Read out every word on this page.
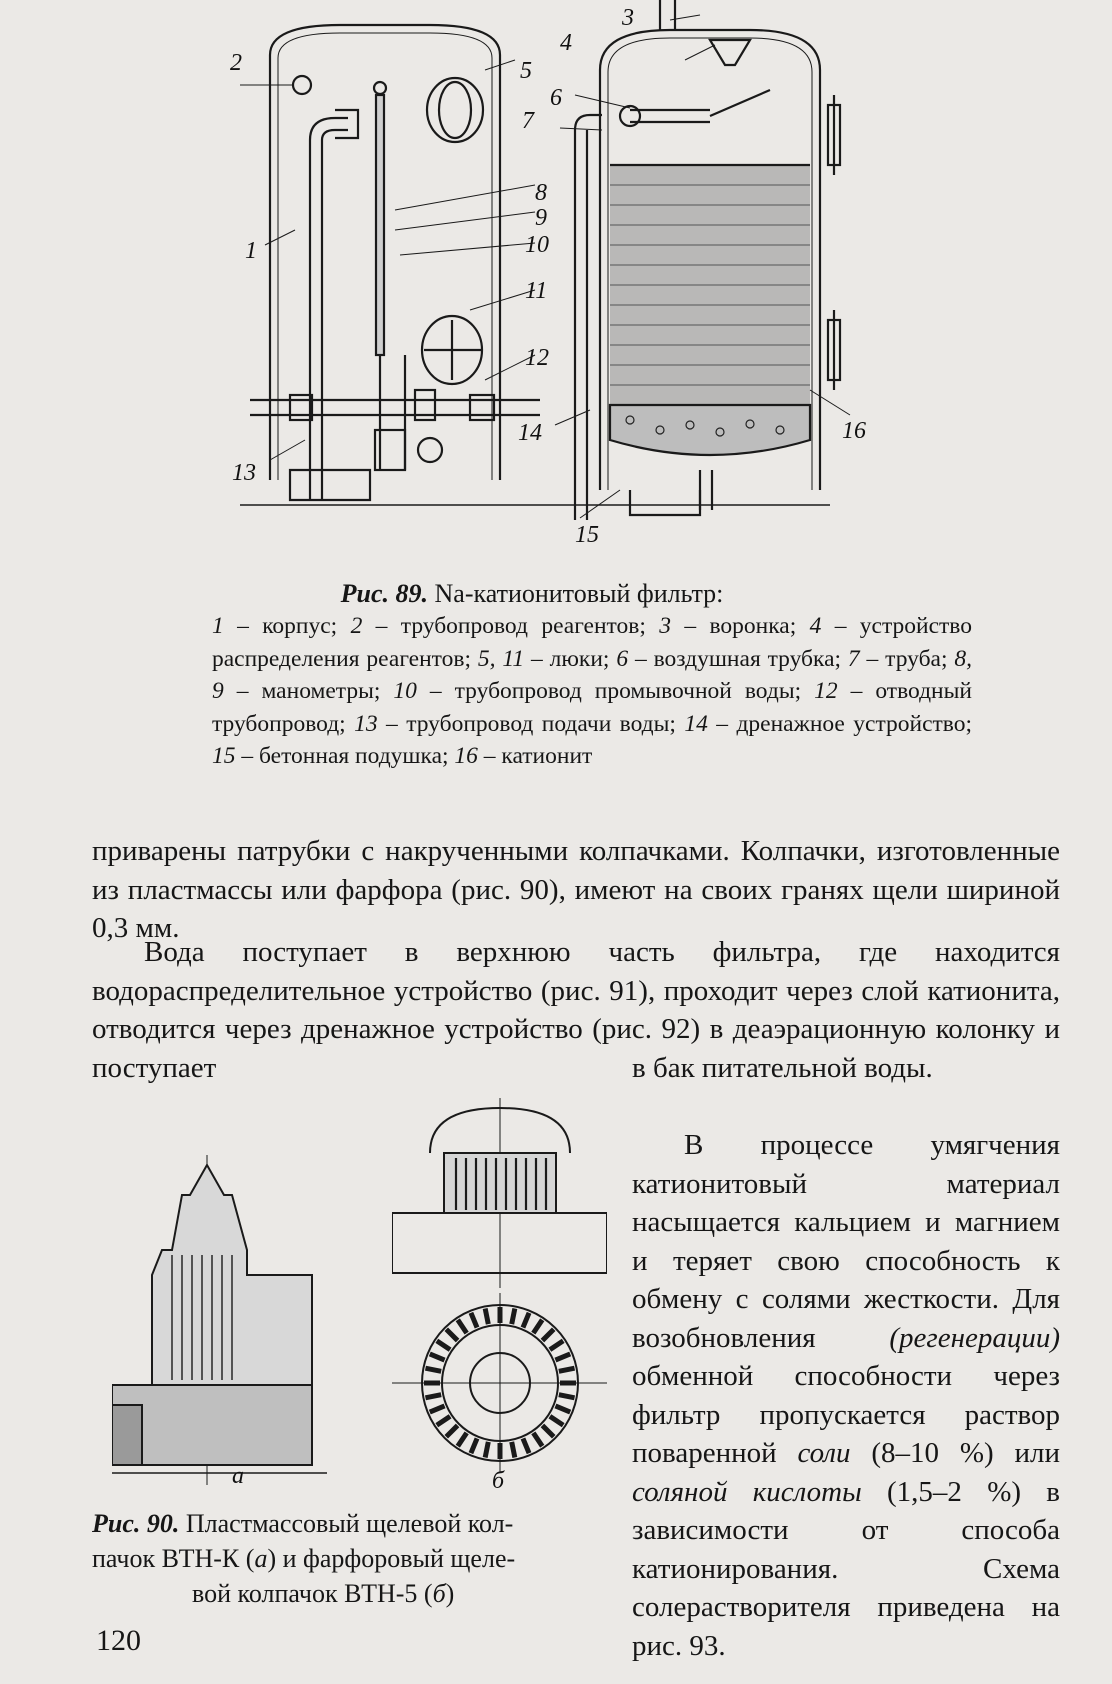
1
2
3
4
5
6
7
8
9
10
11
12
13
14
15
16
Рис. 89. Na-катионитовый фильтр:
1 – корпус; 2 – трубопровод реагентов; 3 – воронка; 4 – устройство распределения реагентов; 5, 11 – люки; 6 – воздушная трубка; 7 – труба; 8, 9 – манометры; 10 – трубопровод промывочной воды; 12 – отводный трубопровод; 13 – трубопровод подачи воды; 14 – дренажное устройство; 15 – бетонная подушка; 16 – катионит
приварены патрубки с накрученными колпачками. Колпачки, изготовленные из пластмассы или фарфора (рис. 90), имеют на своих гранях щели шириной 0,3 мм.
Вода поступает в верхнюю часть фильтра, где находится водораспределительное устройство (рис. 91), проходит через слой катионита, отводится через дренажное устройство (рис. 92) в деаэрационную колонку и поступает
а	б
Рис. 90. Пластмассовый щелевой кол-
пачок ВТН-К (а) и фарфоровый щеле-
вой колпачок ВТН-5 (б)
в бак питательной воды.
В процессе умягчения катионитовый материал насыщается кальцием и магнием и теряет свою способность к обмену с солями жесткости. Для возобновления (регенерации) обменной способности через фильтр пропускается раствор поваренной соли (8–10 %) или соляной кислоты (1,5–2 %) в зависимости от способа катионирования. Схема солерастворителя приведена на рис. 93.
120
